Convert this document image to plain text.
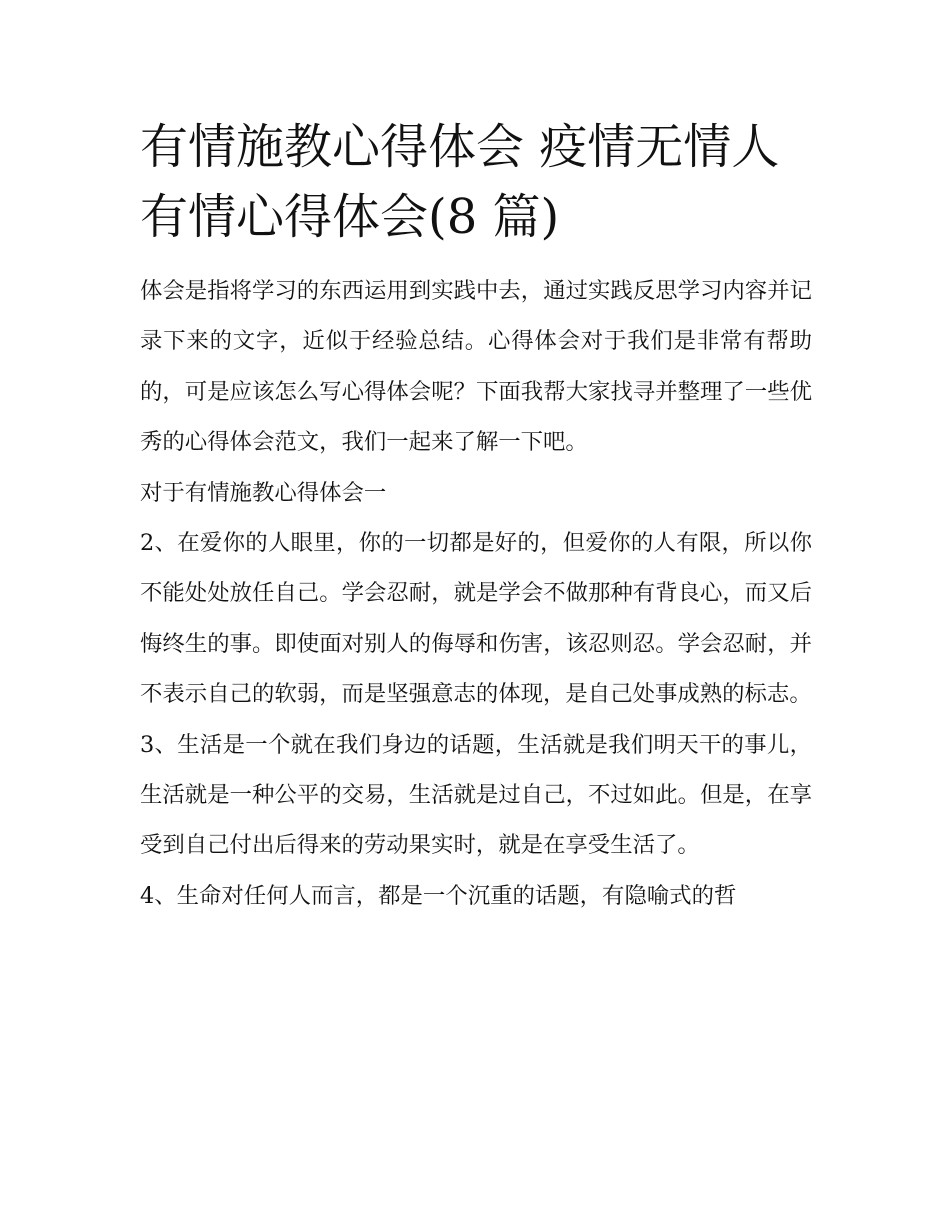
有情施教心得体会 疫情无情人
有情心得体会(8 篇)

体会是指将学习的东西运用到实践中去，通过实践反思学习内容并记录下来的文字，近似于经验总结。心得体会对于我们是非常有帮助的，可是应该怎么写心得体会呢？下面我帮大家找寻并整理了一些优秀的心得体会范文，我们一起来了解一下吧。

对于有情施教心得体会一

2、在爱你的人眼里，你的一切都是好的，但爱你的人有限，所以你不能处处放任自己。学会忍耐，就是学会不做那种有背良心，而又后悔终生的事。即使面对别人的侮辱和伤害，该忍则忍。学会忍耐，并不表示自己的软弱，而是坚强意志的体现，是自己处事成熟的标志。

3、生活是一个就在我们身边的话题，生活就是我们明天干的事儿，生活就是一种公平的交易，生活就是过自己，不过如此。但是，在享受到自己付出后得来的劳动果实时，就是在享受生活了。

4、生命对任何人而言，都是一个沉重的话题，有隐喻式的哲
